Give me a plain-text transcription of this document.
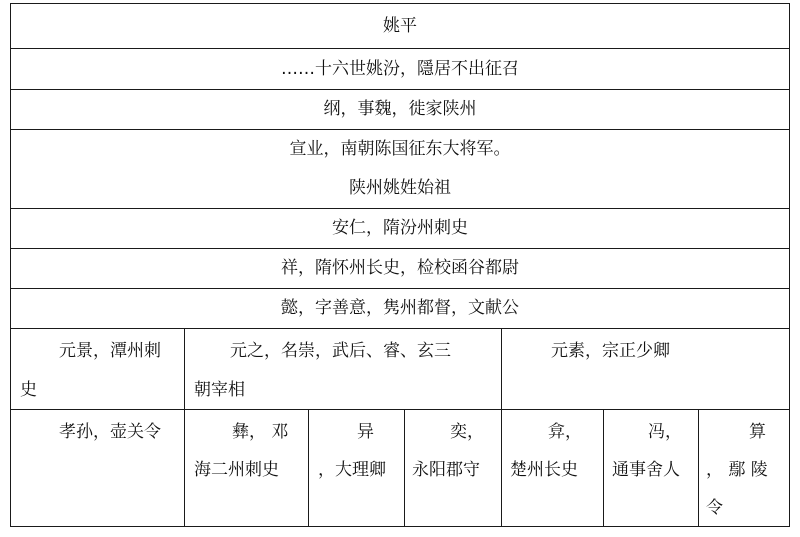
姚平
……十六世姚汾，隱居不出征召
纲，事魏，徙家陕州
宣业，南朝陈国征东大将军。
陕州姚姓始祖
安仁，隋汾州刺史
祥，隋怀州长史，检校函谷都尉
懿，字善意，隽州都督，文献公
元景，潭州刺
史
元之，名崇，武后、睿、玄三
朝宰相
元素，宗正少卿
孝孙，壶关令	彝， 邓
海二州刺史
异
，大理卿
奕，
永阳郡守
弇，
楚州长史
冯，
通事舍人
算
， 鄢 陵
令
